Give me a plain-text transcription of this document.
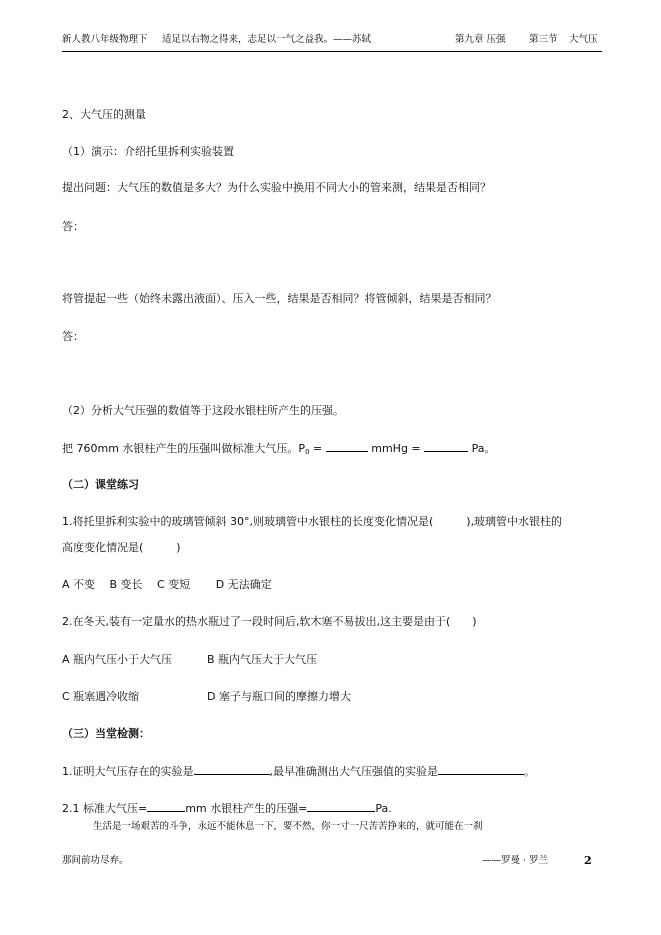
新人教八年级物理下 适足以右物之得来，志足以一气之益我。——苏轼	第九章 压强 第三节 大气压
2、大气压的测量
（1）演示：介绍托里拆利实验装置
提出问题：大气压的数值是多大？为什么实验中换用不同大小的管来测，结果是否相同？
答：
将管提起一些（始终未露出液面）、压入一些，结果是否相同？将管倾斜，结果是否相同？
答：
（2）分析大气压强的数值等于这段水银柱所产生的压强。
把 760mm 水银柱产生的压强叫做标准大气压。$P_0$ =	mmHg =	Pa。
（二）课堂练习
1.将托里拆利实验中的玻璃管倾斜 30°,则玻璃管中水银柱的长度变化情况是(　　　),玻璃管中水银柱的
高度变化情况是(　　　)
A 不变　 B 变长　 C 变短　　 D 无法确定
2.在冬天,装有一定量水的热水瓶过了一段时间后,软木塞不易拔出,这主要是由于(　　)
A 瓶内气压小于大气压	B 瓶内气压大于大气压
C 瓶塞遇冷收缩	D 塞子与瓶口间的摩擦力增大
（三）当堂检测：
1.证明大气压存在的实验是	,最早准确测出大气压强值的实验是	。
2.1 标准大气压=	mm 水银柱产生的压强=	Pa.
生活是一场艰苦的斗争，永远不能休息一下，要不然，你一寸一尺苦苦挣来的，就可能在一刹
那间前功尽弃。	——罗曼 · 罗兰	2
